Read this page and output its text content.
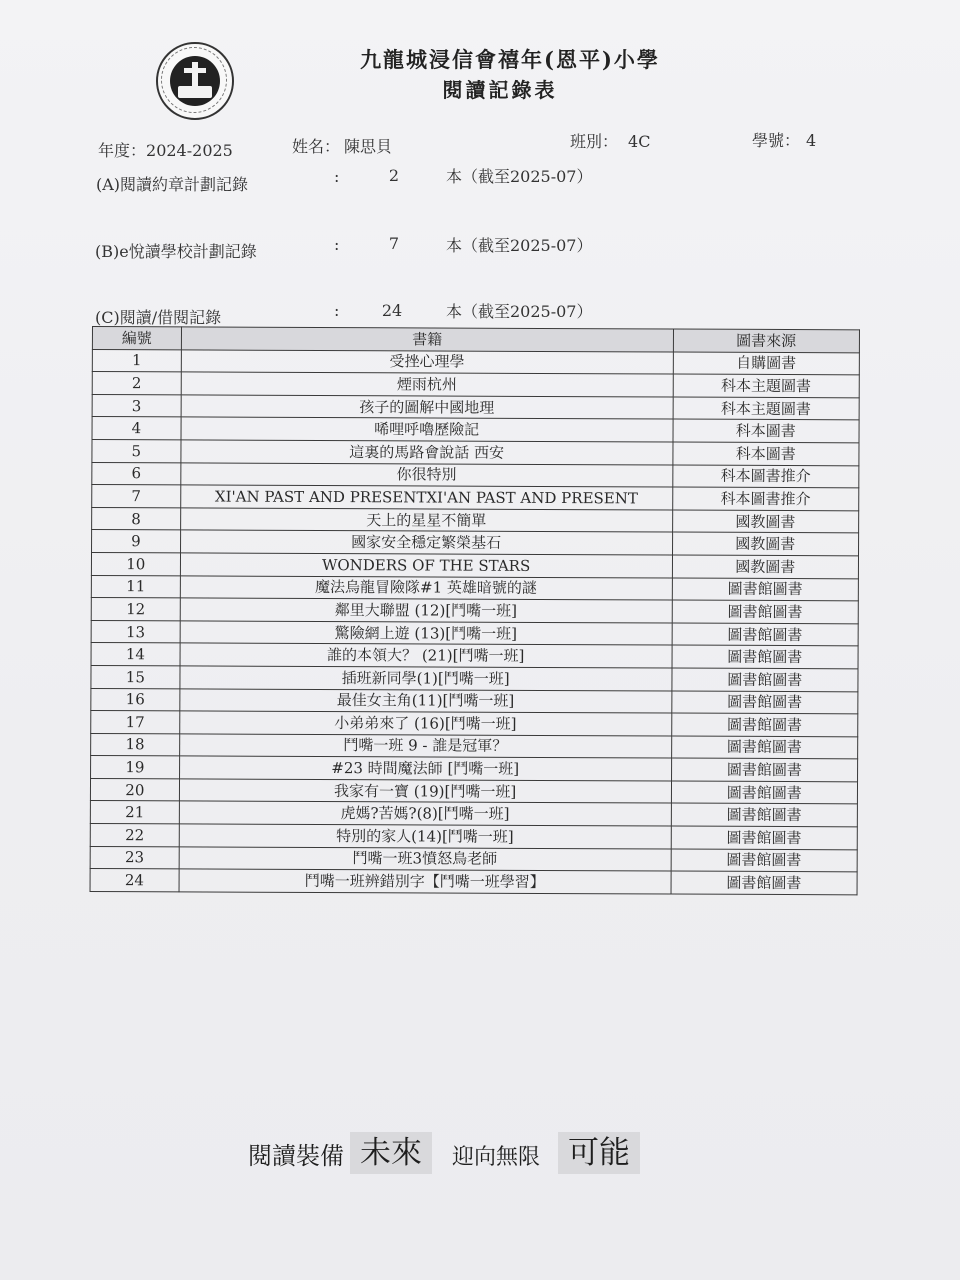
九龍城浸信會禧年(恩平)小學
閱讀記錄表
年度：2024-2025	姓名： 陳思貝	班別： 4C	學號： 4
(A)閱讀約章計劃記錄	:	2	本（截至2025-07）
(B)e悅讀學校計劃記錄	:	7	本（截至2025-07）
(C)閱讀/借閱記錄	:	24	本（截至2025-07）
編號	書籍	圖書來源
1	受挫心理學	自購圖書
2	煙雨杭州	科本主題圖書
3	孩子的圖解中國地理	科本主題圖書
4	唏哩呼嚕歷險記	科本圖書
5	這裏的馬路會說話 西安	科本圖書
6	你很特別	科本圖書推介
7	XI'AN PAST AND PRESENTXI'AN PAST AND PRESENT	科本圖書推介
8	天上的星星不簡單	國教圖書
9	國家安全穩定繁榮基石	國教圖書
10	WONDERS OF THE STARS	國教圖書
11	魔法烏龍冒險隊#1 英雄暗號的謎	圖書館圖書
12	鄰里大聯盟 (12)[鬥嘴一班]	圖書館圖書
13	驚險網上遊 (13)[鬥嘴一班]	圖書館圖書
14	誰的本領大？ (21)[鬥嘴一班]	圖書館圖書
15	插班新同學(1)[鬥嘴一班]	圖書館圖書
16	最佳女主角(11)[鬥嘴一班]	圖書館圖書
17	小弟弟來了 (16)[鬥嘴一班]	圖書館圖書
18	鬥嘴一班 9 - 誰是冠軍？	圖書館圖書
19	#23 時間魔法師 [鬥嘴一班]	圖書館圖書
20	我家有一寶 (19)[鬥嘴一班]	圖書館圖書
21	虎媽?苦媽?(8)[鬥嘴一班]	圖書館圖書
22	特別的家人(14)[鬥嘴一班]	圖書館圖書
23	鬥嘴一班3憤怒鳥老師	圖書館圖書
24	鬥嘴一班辨錯別字【鬥嘴一班學習】	圖書館圖書
閱讀裝備 未來	迎向無限 可能
